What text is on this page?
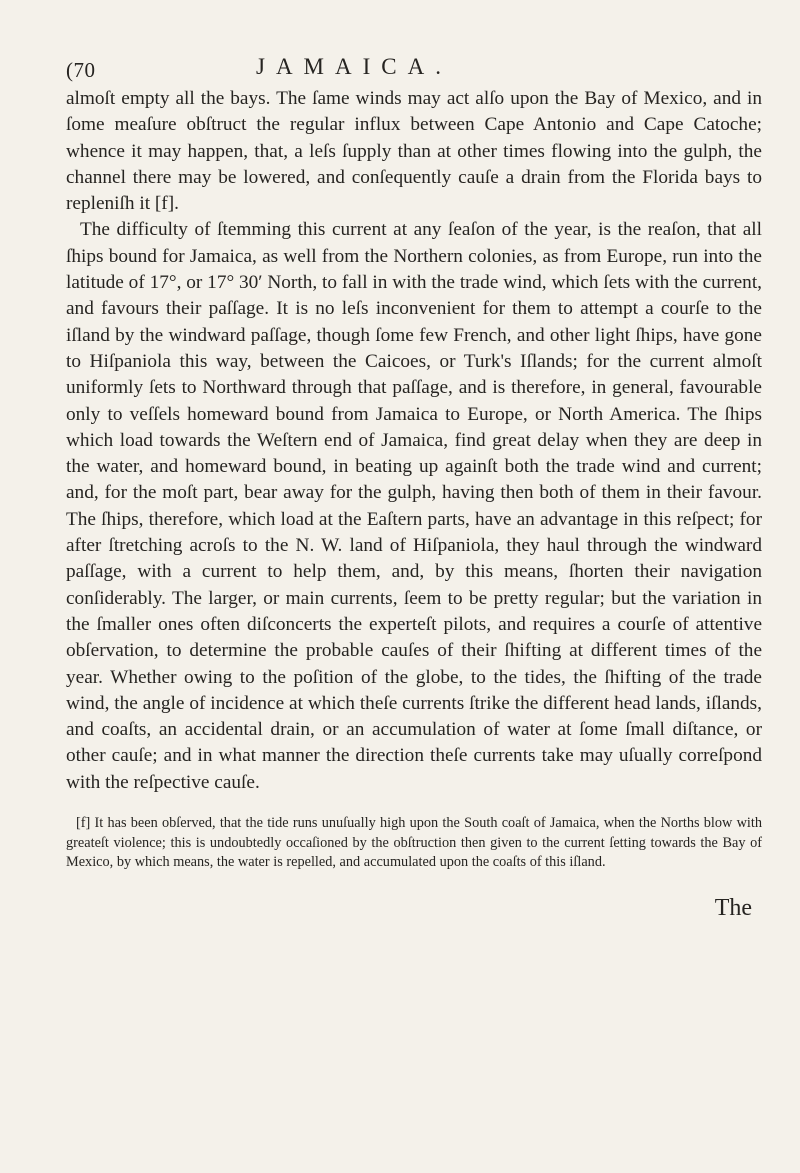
(70	JAMAICA.

almoſt empty all the bays. The ſame winds may act alſo upon the Bay of Mexico, and in ſome meaſure obſtruct the regular influx between Cape Antonio and Cape Catoche; whence it may happen, that, a leſs ſupply than at other times flowing into the gulph, the channel there may be lowered, and conſequently cauſe a drain from the Florida bays to repleniſh it [f].

The difficulty of ſtemming this current at any ſeaſon of the year, is the reaſon, that all ſhips bound for Jamaica, as well from the Northern colonies, as from Europe, run into the latitude of 17°, or 17° 30′ North, to fall in with the trade wind, which ſets with the current, and favours their paſſage. It is no leſs inconvenient for them to attempt a courſe to the iſland by the windward paſſage, though ſome few French, and other light ſhips, have gone to Hiſpaniola this way, between the Caicoes, or Turk's Iſlands; for the current almoſt uniformly ſets to Northward through that paſſage, and is therefore, in general, favourable only to veſſels homeward bound from Jamaica to Europe, or North America. The ſhips which load towards the Weſtern end of Jamaica, find great delay when they are deep in the water, and homeward bound, in beating up againſt both the trade wind and current; and, for the moſt part, bear away for the gulph, having then both of them in their favour. The ſhips, therefore, which load at the Eaſtern parts, have an advantage in this reſpect; for after ſtretching acroſs to the N. W. land of Hiſpaniola, they haul through the windward paſſage, with a current to help them, and, by this means, ſhorten their navigation conſiderably. The larger, or main currents, ſeem to be pretty regular; but the variation in the ſmaller ones often diſconcerts the experteſt pilots, and requires a courſe of attentive obſervation, to determine the probable cauſes of their ſhifting at different times of the year. Whether owing to the poſition of the globe, to the tides, the ſhifting of the trade wind, the angle of incidence at which theſe currents ſtrike the different head lands, iſlands, and coaſts, an accidental drain, or an accumulation of water at ſome ſmall diſtance, or other cauſe; and in what manner the direction theſe currents take may uſually correſpond with the reſpective cauſe.

[f] It has been obſerved, that the tide runs unuſually high upon the South coaſt of Jamaica, when the Norths blow with greateſt violence; this is undoubtedly occaſioned by the obſtruction then given to the current ſetting towards the Bay of Mexico, by which means, the water is repelled, and accumulated upon the coaſts of this iſland.
The
